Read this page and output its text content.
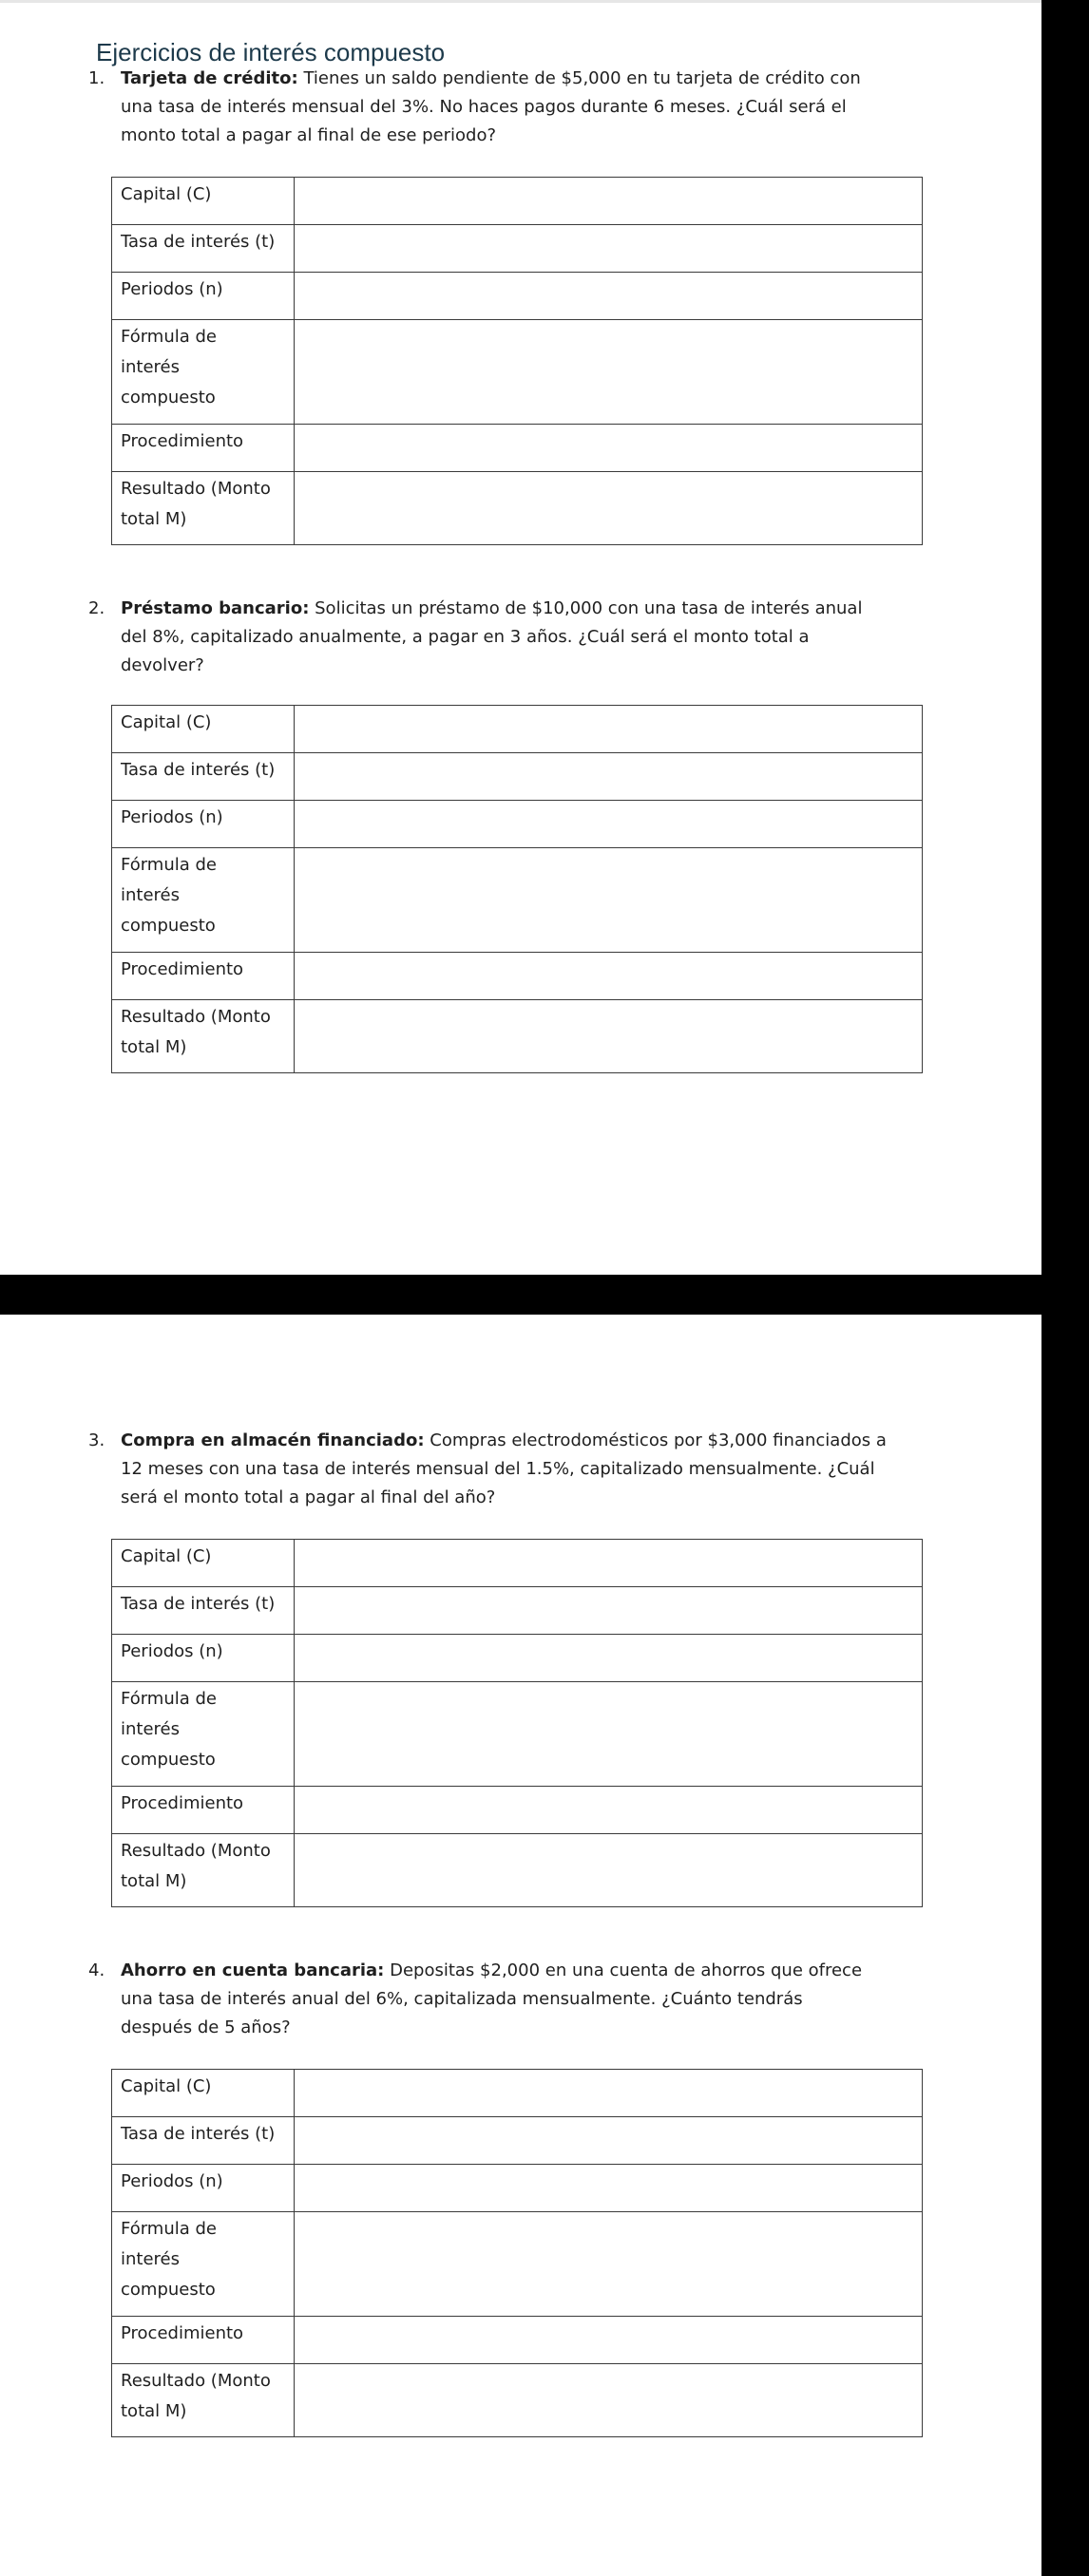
Ejercicios de interés compuesto

1. Tarjeta de crédito: Tienes un saldo pendiente de $5,000 en tu tarjeta de crédito con
una tasa de interés mensual del 3%. No haces pagos durante 6 meses. ¿Cuál será el
monto total a pagar al final de ese periodo?

Capital (C)	
Tasa de interés (t)	
Periodos (n)	
Fórmula de
interés
compuesto	
Procedimiento	
Resultado (Monto
total M)	

2. Préstamo bancario: Solicitas un préstamo de $10,000 con una tasa de interés anual
del 8%, capitalizado anualmente, a pagar en 3 años. ¿Cuál será el monto total a
devolver?

Capital (C)	
Tasa de interés (t)	
Periodos (n)	
Fórmula de
interés
compuesto	
Procedimiento	
Resultado (Monto
total M)	

3. Compra en almacén financiado: Compras electrodomésticos por $3,000 financiados a
12 meses con una tasa de interés mensual del 1.5%, capitalizado mensualmente. ¿Cuál
será el monto total a pagar al final del año?

Capital (C)	
Tasa de interés (t)	
Periodos (n)	
Fórmula de
interés
compuesto	
Procedimiento	
Resultado (Monto
total M)	

4. Ahorro en cuenta bancaria: Depositas $2,000 en una cuenta de ahorros que ofrece
una tasa de interés anual del 6%, capitalizada mensualmente. ¿Cuánto tendrás
después de 5 años?

Capital (C)	
Tasa de interés (t)	
Periodos (n)	
Fórmula de
interés
compuesto	
Procedimiento	
Resultado (Monto
total M)	
